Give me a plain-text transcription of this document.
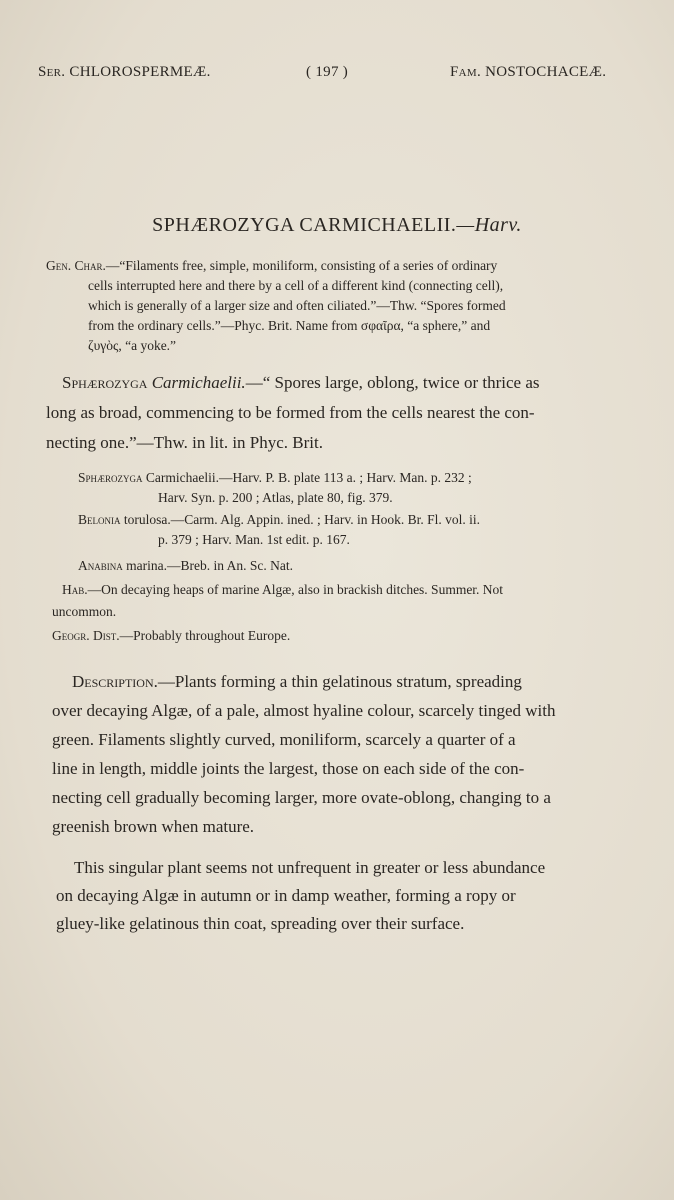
Ser. CHLOROSPERMEÆ.	( 197 )	Fam. NOSTOCHACEÆ.
SPHÆROZYGA CARMICHAELII.—Harv.
Gen. Char.—“Filaments free, simple, moniliform, consisting of a series of ordinary
cells interrupted here and there by a cell of a different kind (connecting cell),
which is generally of a larger size and often ciliated.”—Thw. “Spores formed
from the ordinary cells.”—Phyc. Brit. Name from σφαῖρα, “a sphere,” and
ζυγὸς, “a yoke.”
Sphærozyga Carmichaelii.—“ Spores large, oblong, twice or thrice as
long as broad, commencing to be formed from the cells nearest the con-
necting one.”—Thw. in lit. in Phyc. Brit.
Sphærozyga Carmichaelii.—Harv. P. B. plate 113 a. ; Harv. Man. p. 232 ;
Harv. Syn. p. 200 ; Atlas, plate 80, fig. 379.
Belonia torulosa.—Carm. Alg. Appin. ined. ; Harv. in Hook. Br. Fl. vol. ii.
p. 379 ; Harv. Man. 1st edit. p. 167.
Anabina marina.—Breb. in An. Sc. Nat.
Hab.—On decaying heaps of marine Algæ, also in brackish ditches. Summer. Not
uncommon.
Geogr. Dist.—Probably throughout Europe.
Description.—Plants forming a thin gelatinous stratum, spreading
over decaying Algæ, of a pale, almost hyaline colour, scarcely tinged with
green. Filaments slightly curved, moniliform, scarcely a quarter of a
line in length, middle joints the largest, those on each side of the con-
necting cell gradually becoming larger, more ovate-oblong, changing to a
greenish brown when mature.
This singular plant seems not unfrequent in greater or less abundance
on decaying Algæ in autumn or in damp weather, forming a ropy or
gluey-like gelatinous thin coat, spreading over their surface.
